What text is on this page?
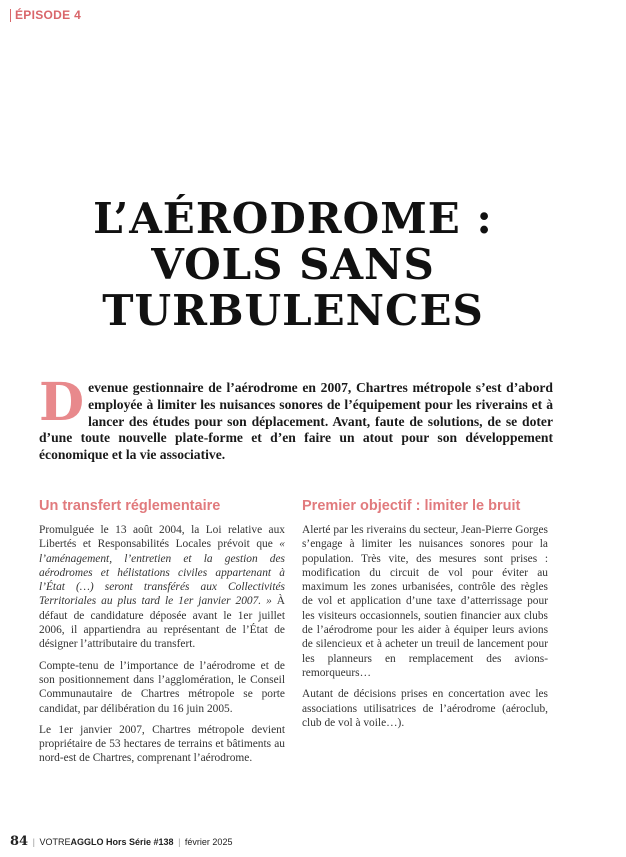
ÉPISODE 4
L’AÉRODROME :
VOLS SANS
TURBULENCES

Devenue gestionnaire de l’aérodrome en 2007, Chartres métropole s’est d’abord employée à limiter les nuisances sonores de l’équipement pour les riverains et à lancer des études pour son déplacement. Avant, faute de solutions, de se doter d’une toute nouvelle plate-forme et d’en faire un atout pour son développement économique et la vie associative.

Un transfert réglementaire

Promulguée le 13 août 2004, la Loi relative aux Libertés et Responsabilités Locales prévoit que « l’aménagement, l’entretien et la gestion des aérodromes et hélistations civiles appartenant à l’État (…) seront transférés aux Collectivités Territoriales au plus tard le 1er janvier 2007. » À défaut de candidature déposée avant le 1er juillet 2006, il appartiendra au représentant de l’État de désigner l’attributaire du transfert.

Compte-tenu de l’importance de l’aérodrome et de son positionnement dans l’agglomération, le Conseil Communautaire de Chartres métropole se porte candidat, par délibération du 16 juin 2005.

Le 1er janvier 2007, Chartres métropole devient propriétaire de 53 hectares de terrains et bâtiments au nord-est de Chartres, comprenant l’aérodrome.

Premier objectif : limiter le bruit

Alerté par les riverains du secteur, Jean-Pierre Gorges s’engage à limiter les nuisances sonores pour la population. Très vite, des mesures sont prises : modification du circuit de vol pour éviter au maximum les zones urbanisées, contrôle des règles de vol et application d’une taxe d’atterrissage pour les visiteurs occasionnels, soutien financier aux clubs de l’aérodrome pour les aider à équiper leurs avions de silencieux et à acheter un treuil de lancement pour les planneurs en remplacement des avions-remorqueurs…

Autant de décisions prises en concertation avec les associations utilisatrices de l’aérodrome (aéroclub, club de vol à voile…).

84 | VOTREAGGLO Hors Série #138 | février 2025
